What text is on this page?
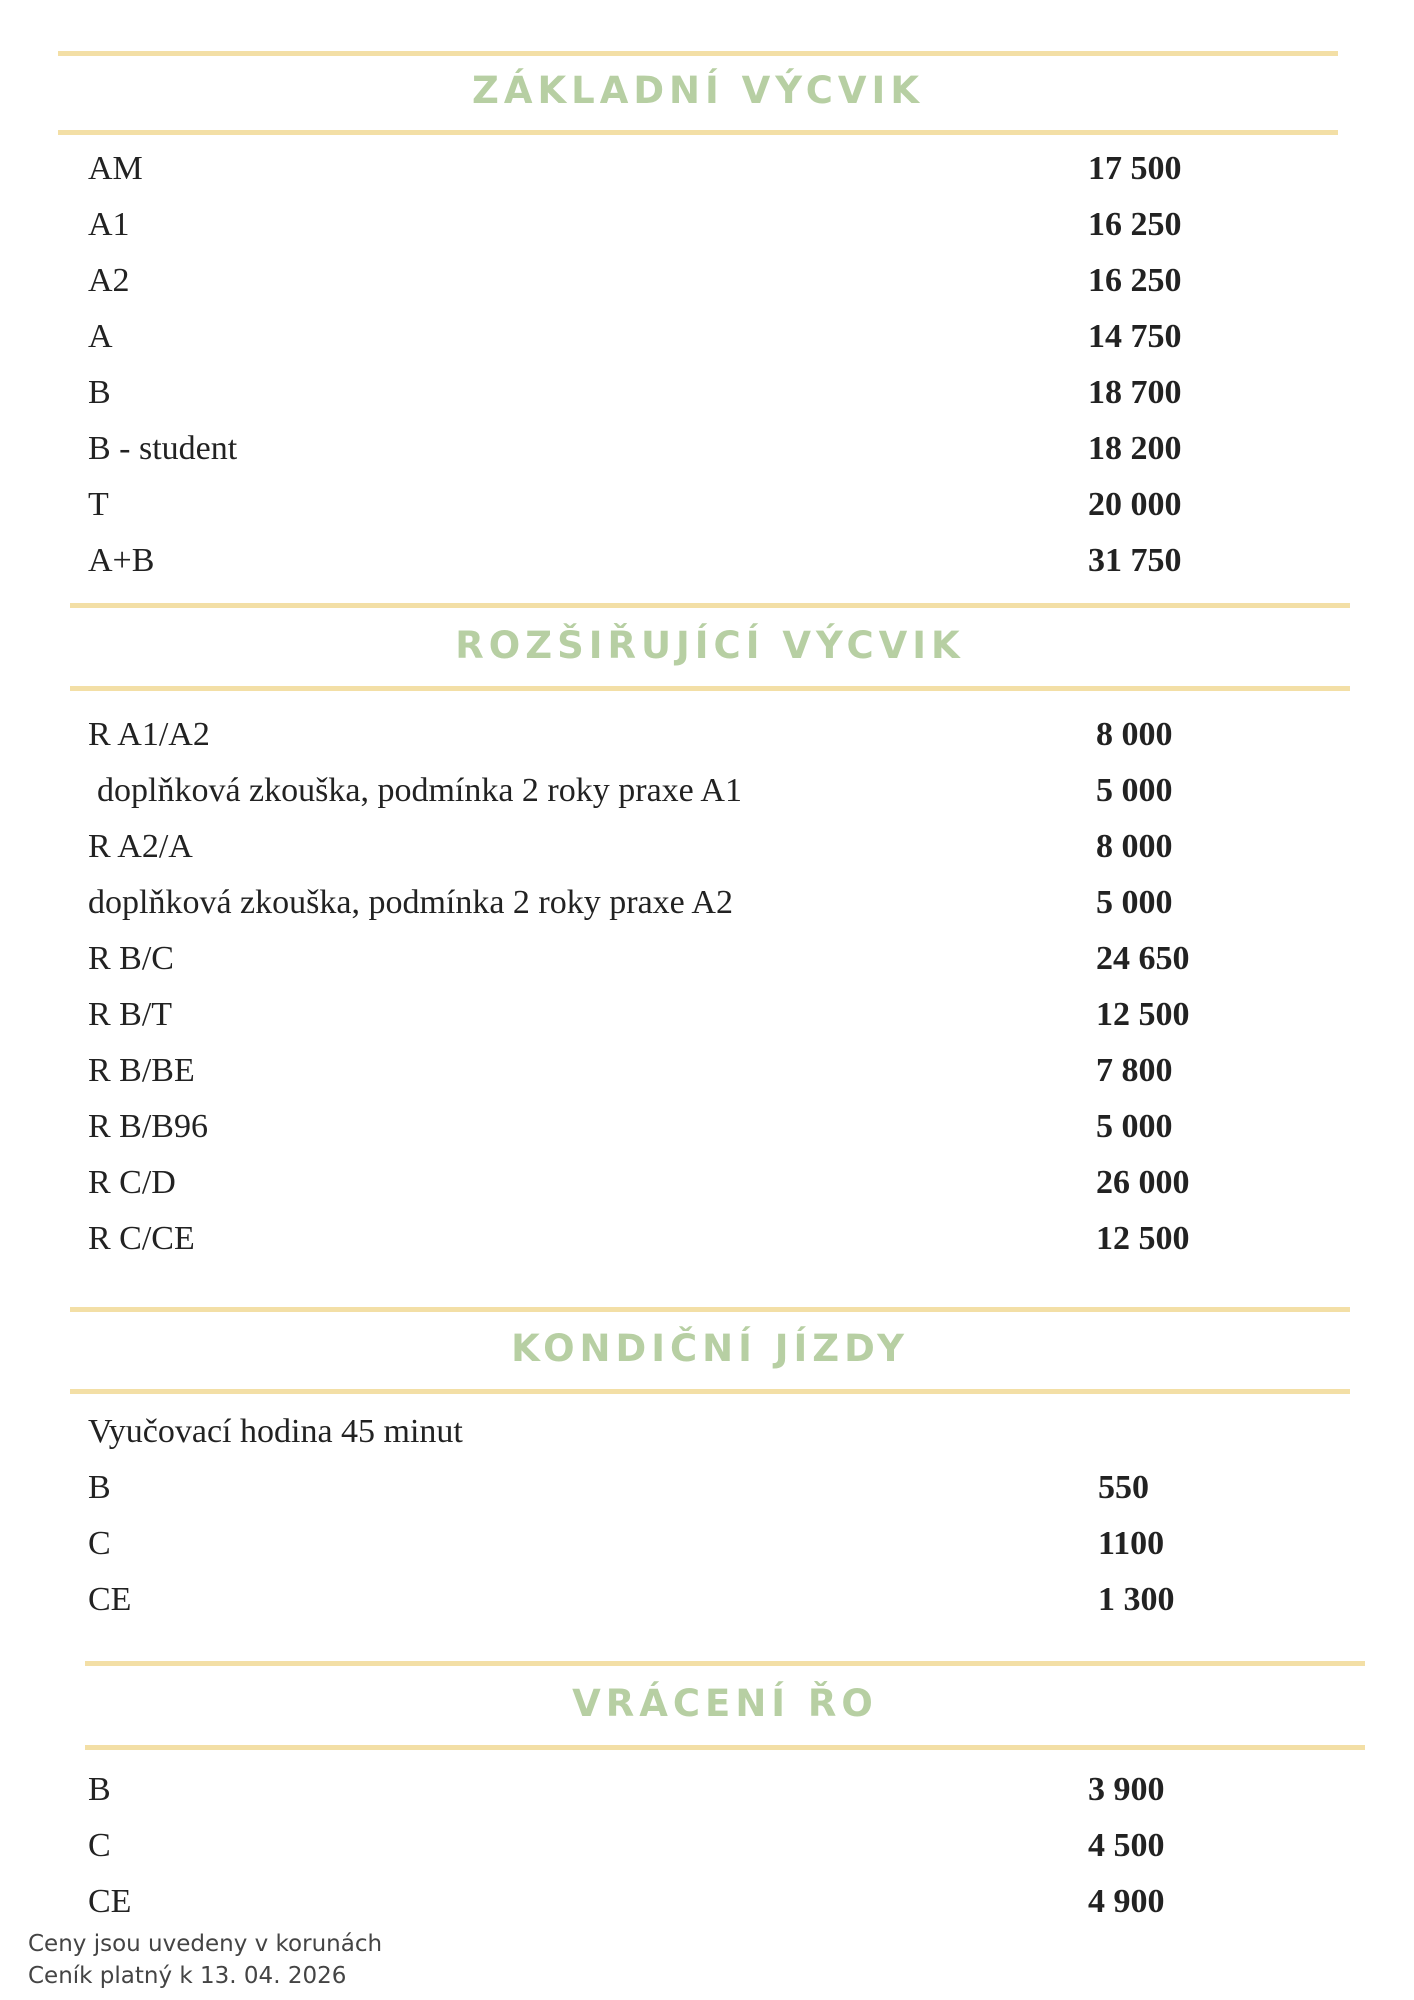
ZÁKLADNÍ VÝCVIK
AM	17 500
A1	16 250
A2	16 250
A	14 750
B	18 700
B - student	18 200
T	20 000
A+B	31 750
ROZŠIŘUJÍCÍ VÝCVIK
R A1/A2	8 000
doplňková zkouška, podmínka 2 roky praxe A1	5 000
R A2/A	8 000
doplňková zkouška, podmínka 2 roky praxe A2	5 000
R B/C	24 650
R B/T	12 500
R B/BE	7 800
R B/B96	5 000
R C/D	26 000
R C/CE	12 500
KONDIČNÍ JÍZDY
Vyučovací hodina 45 minut
B	550
C	1100
CE	1 300
VRÁCENÍ ŘO
B	3 900
C	4 500
CE	4 900
Ceny jsou uvedeny v korunách
Ceník platný k 13. 04. 2026
